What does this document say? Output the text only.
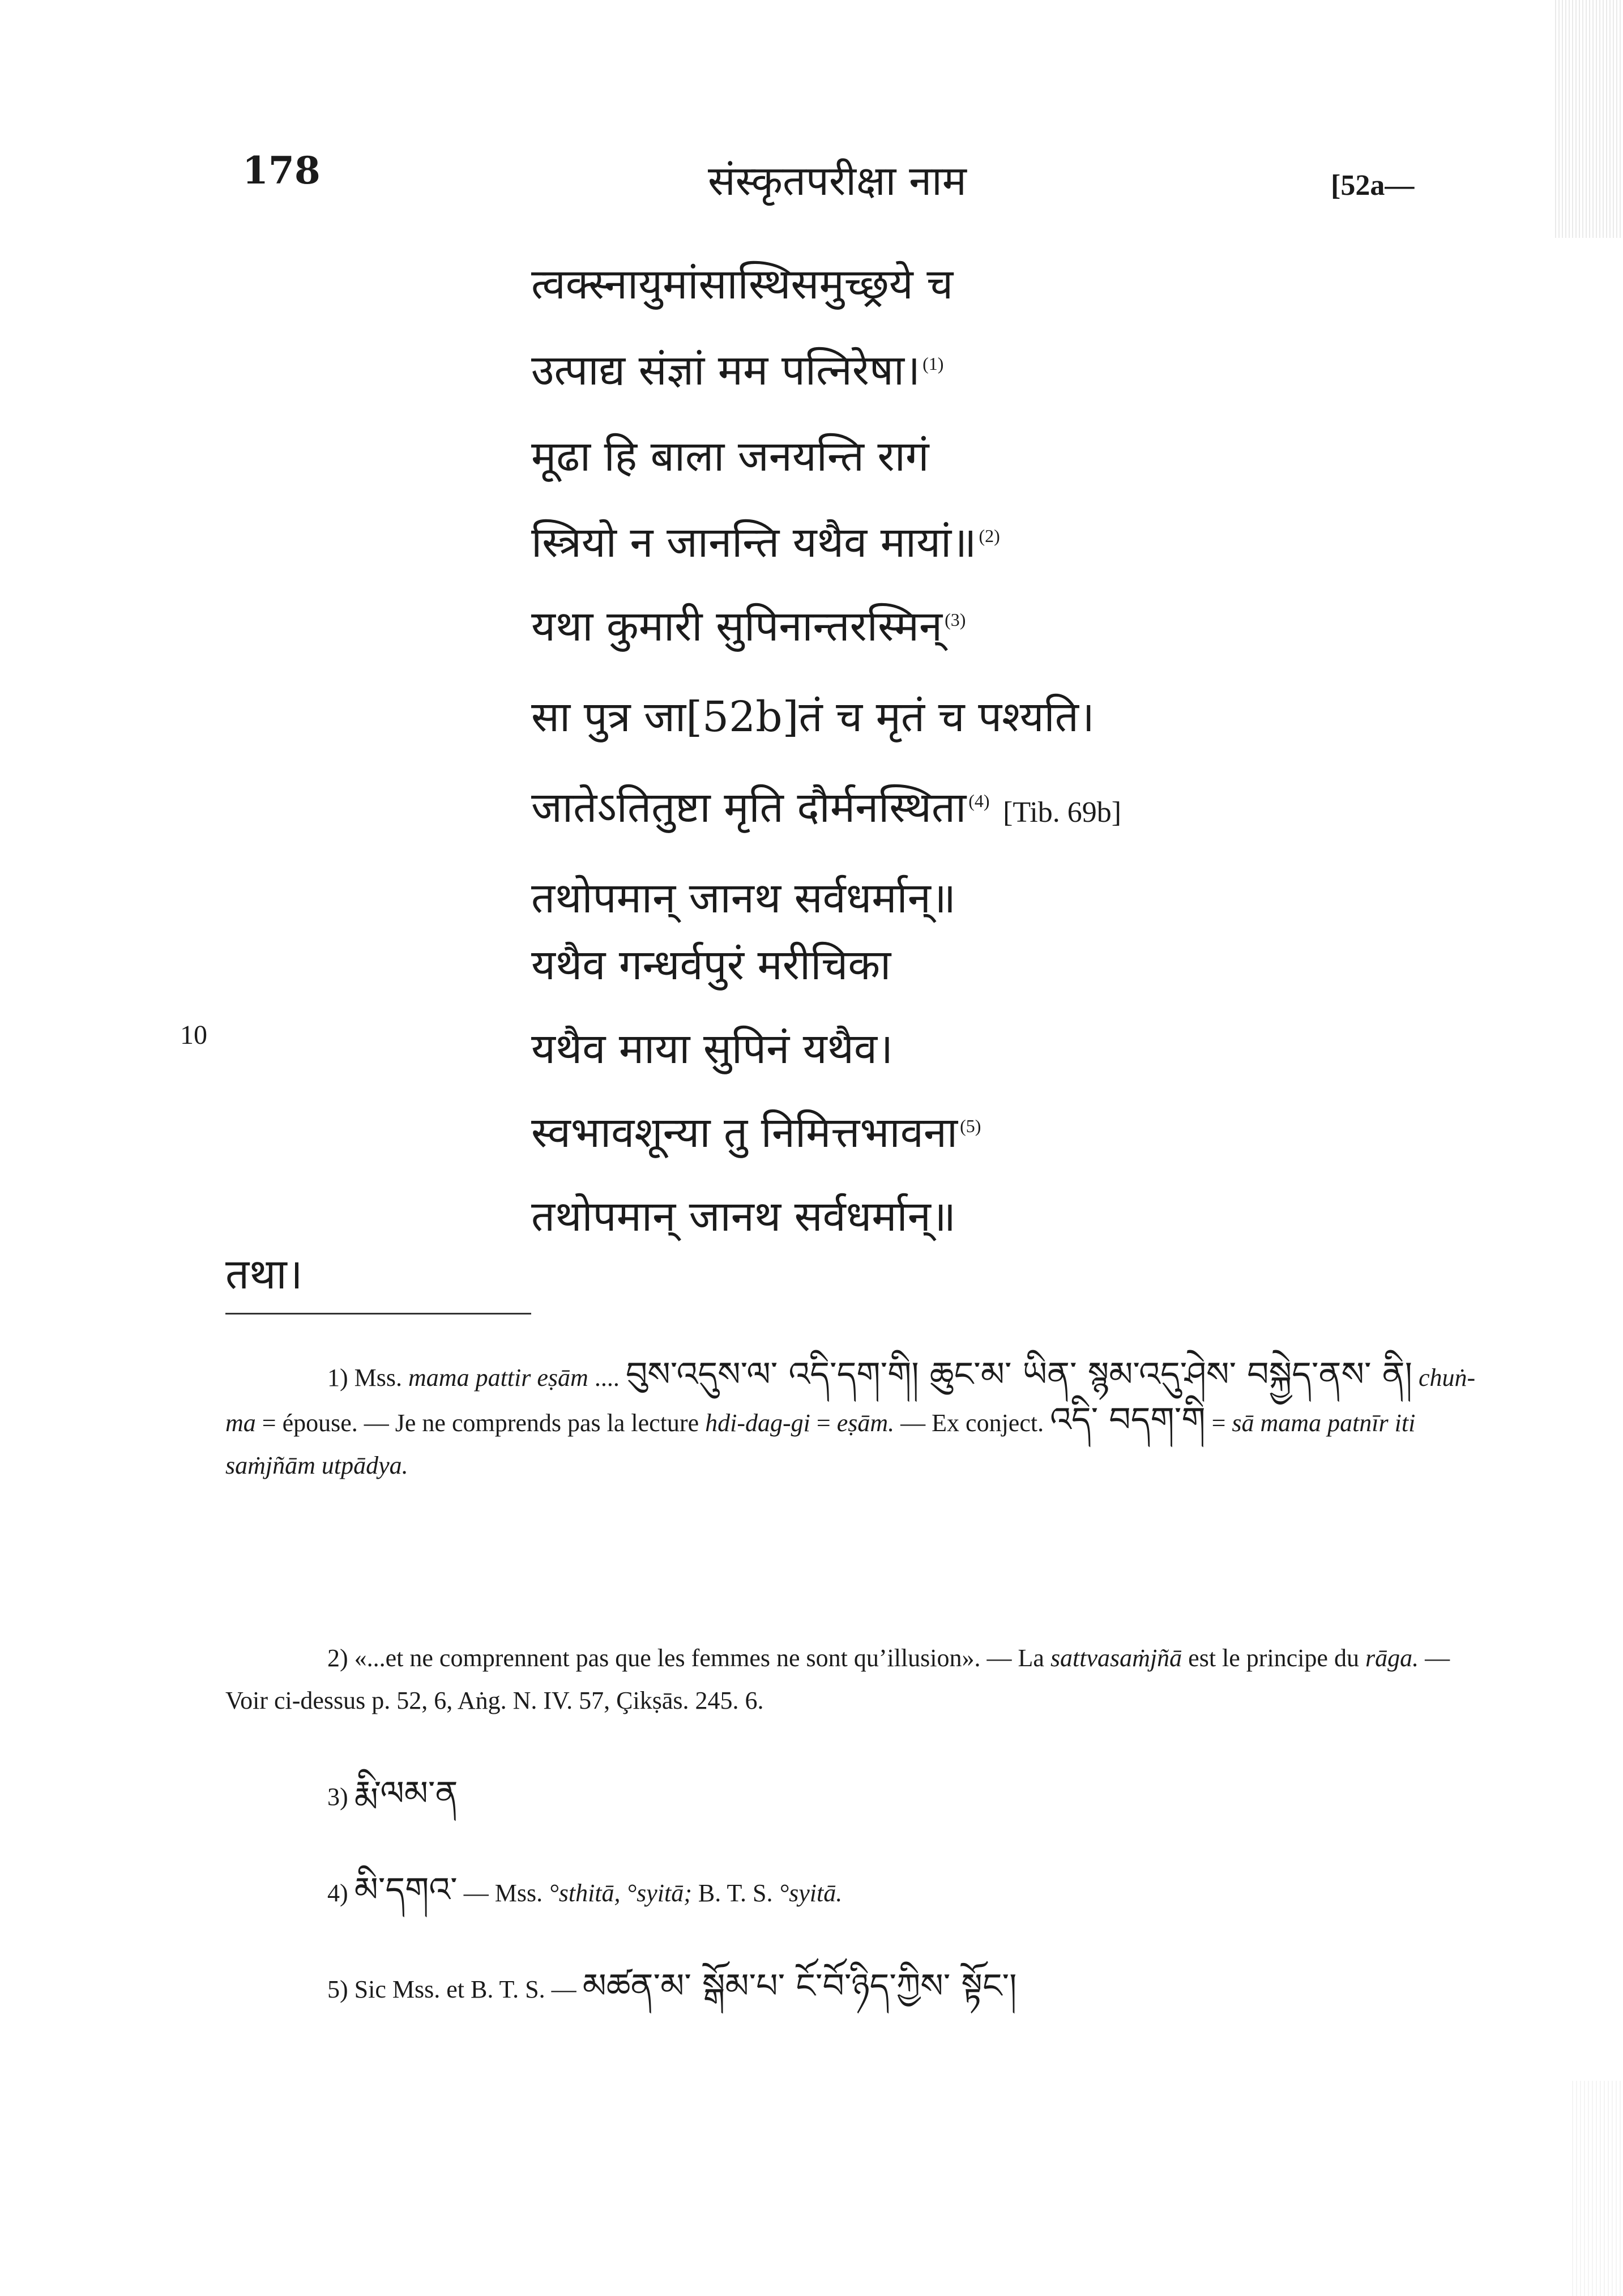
178	संस्कृतपरीक्षा नाम	[52a—
त्वक्स्नायुमांसास्थिसमुच्छ्रये च
उत्पाद्य संज्ञां मम पत्निरेषा। $^{(1)}$
मूढा हि बाला जनयन्ति रागं
स्त्रियो न जानन्ति यथैव मायां॥ $^{(2)}$
यथा कुमारी सुपिनान्तरस्मिन् $^{(3)}$
सा पुत्र जा[52b]तं च मृतं च पश्यति।
जातेऽतितुष्टा मृति दौर्मनस्थिता $^{(4)}$ [Tib. 69b]
तथोपमान् जानथ सर्वधर्मान्॥
10
यथैव गन्धर्वपुरं मरीचिका
यथैव माया सुपिनं यथैव।
स्वभावशून्या तु निमित्तभावना $^{(5)}$
तथोपमान् जानथ सर्वधर्मान्॥
तथा।
1) Mss. mama pattir eṣām .... བུས་འདུས་ལ་ འདི་དག་གི། ཆུང་མ་ ཡིན་ སྙམ་འདུ་ཤེས་ བསྐྱེད་ནས་ ནི། chuṅ-ma = épouse. — Je ne comprends pas la lecture hdi-dag-gi = eṣām. — Ex conject. འདི་ བདག་གི = sā mama patnīr iti saṁjñām utpādya.
2) «...et ne comprennent pas que les femmes ne sont qu’illusion». — La sattvasaṁjñā est le principe du rāga. — Voir ci-dessus p. 52, 6, Aṅg. N. IV. 57, Çikṣās. 245. 6.
3) རྨི་ལམ་ན
4) མི་དགའ་ — Mss. °sthitā, °syitā; B. T. S. °syitā.
5) Sic Mss. et B. T. S. — མཚན་མ་ སྒོམ་པ་ ངོ་བོ་ཉིད་ཀྱིས་ སྟོང་།
